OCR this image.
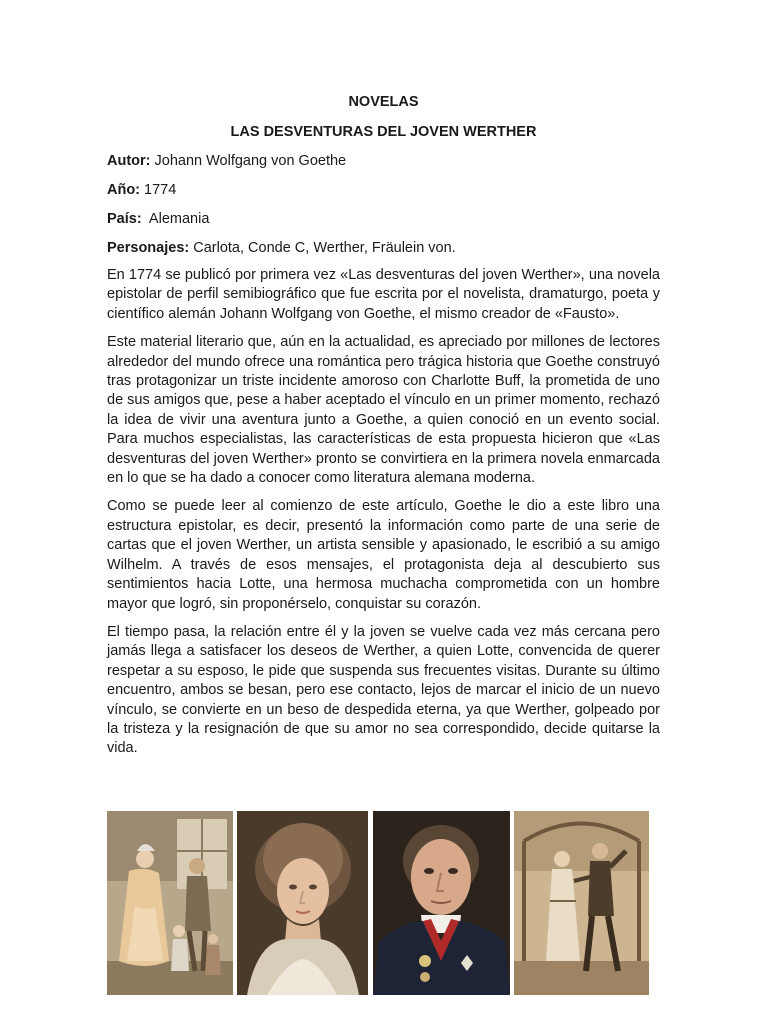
NOVELAS

LAS DESVENTURAS DEL JOVEN WERTHER

Autor: Johann Wolfgang von Goethe

Año: 1774

País:  Alemania

Personajes: Carlota, Conde C, Werther, Fräulein von.

En 1774 se publicó por primera vez «Las desventuras del joven Werther», una novela epistolar de perfil semibiográfico que fue escrita por el novelista, dramaturgo, poeta y científico alemán Johann Wolfgang von Goethe, el mismo creador de «Fausto».

Este material literario que, aún en la actualidad, es apreciado por millones de lectores alrededor del mundo ofrece una romántica pero trágica historia que Goethe construyó tras protagonizar un triste incidente amoroso con Charlotte Buff, la prometida de uno de sus amigos que, pese a haber aceptado el vínculo en un primer momento, rechazó la idea de vivir una aventura junto a Goethe, a quien conoció en un evento social. Para muchos especialistas, las características de esta propuesta hicieron que «Las desventuras del joven Werther» pronto se convirtiera en la primera novela enmarcada en lo que se ha dado a conocer como literatura alemana moderna.

Como se puede leer al comienzo de este artículo, Goethe le dio a este libro una estructura epistolar, es decir, presentó la información como parte de una serie de cartas que el joven Werther, un artista sensible y apasionado, le escribió a su amigo Wilhelm. A través de esos mensajes, el protagonista deja al descubierto sus sentimientos hacia Lotte, una hermosa muchacha comprometida con un hombre mayor que logró, sin proponérselo, conquistar su corazón.

El tiempo pasa, la relación entre él y la joven se vuelve cada vez más cercana pero jamás llega a satisfacer los deseos de Werther, a quien Lotte, convencida de querer respetar a su esposo, le pide que suspenda sus frecuentes visitas. Durante su último encuentro, ambos se besan, pero ese contacto, lejos de marcar el inicio de un nuevo vínculo, se convierte en un beso de despedida eterna, ya que Werther, golpeado por la tristeza y la resignación de que su amor no sea correspondido, decide quitarse la vida.
